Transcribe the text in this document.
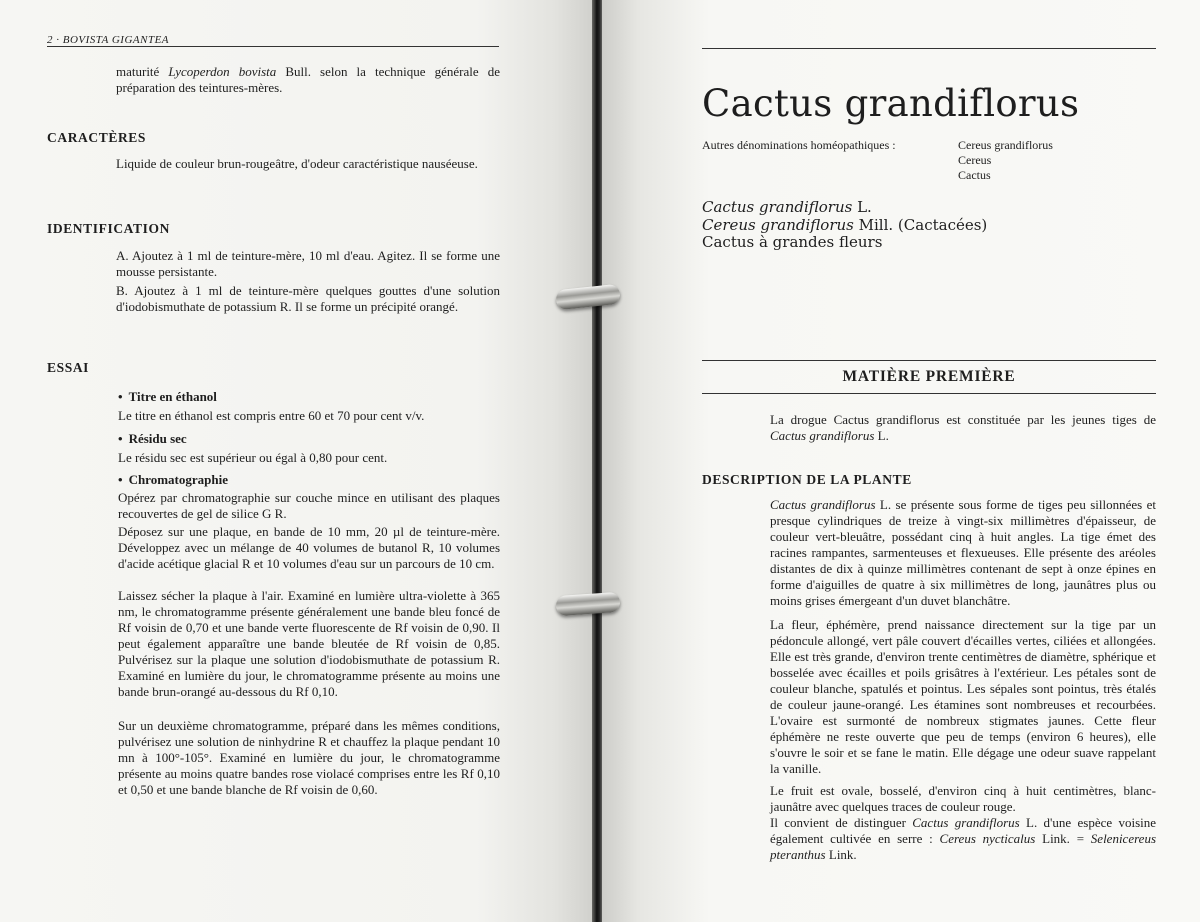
2 · BOVISTA GIGANTEA
maturité Lycoperdon bovista Bull. selon la technique générale de préparation des teintures-mères.
CARACTÈRES
Liquide de couleur brun-rougeâtre, d'odeur caractéristique nauséeuse.
IDENTIFICATION
A. Ajoutez à 1 ml de teinture-mère, 10 ml d'eau. Agitez. Il se forme une mousse persistante.
B. Ajoutez à 1 ml de teinture-mère quelques gouttes d'une solution d'iodobismuthate de potassium R. Il se forme un précipité orangé.
ESSAI
• Titre en éthanol
Le titre en éthanol est compris entre 60 et 70 pour cent v/v.
• Résidu sec
Le résidu sec est supérieur ou égal à 0,80 pour cent.
• Chromatographie
Opérez par chromatographie sur couche mince en utilisant des plaques recouvertes de gel de silice G R.
Déposez sur une plaque, en bande de 10 mm, 20 µl de teinture-mère. Développez avec un mélange de 40 volumes de butanol R, 10 volumes d'acide acétique glacial R et 10 volumes d'eau sur un parcours de 10 cm.
Laissez sécher la plaque à l'air. Examiné en lumière ultra-violette à 365 nm, le chromatogramme présente généralement une bande bleu foncé de Rf voisin de 0,70 et une bande verte fluorescente de Rf voisin de 0,90. Il peut également apparaître une bande bleutée de Rf voisin de 0,85. Pulvérisez sur la plaque une solution d'iodobismuthate de potassium R. Examiné en lumière du jour, le chromatogramme présente au moins une bande brun-orangé au-dessous du Rf 0,10.
Sur un deuxième chromatogramme, préparé dans les mêmes conditions, pulvérisez une solution de ninhydrine R et chauffez la plaque pendant 10 mn à 100°-105°. Examiné en lumière du jour, le chromatogramme présente au moins quatre bandes rose violacé comprises entre les Rf 0,10 et 0,50 et une bande blanche de Rf voisin de 0,60.
Cactus grandiflorus
Autres dénominations homéopathiques :	Cereus grandiflorus
Cereus
Cactus
Cactus grandiflorus L.
Cereus grandiflorus Mill. (Cactacées)
Cactus à grandes fleurs
MATIÈRE PREMIÈRE
La drogue Cactus grandiflorus est constituée par les jeunes tiges de Cactus grandiflorus L.
DESCRIPTION DE LA PLANTE
Cactus grandiflorus L. se présente sous forme de tiges peu sillonnées et presque cylindriques de treize à vingt-six millimètres d'épaisseur, de couleur vert-bleuâtre, possédant cinq à huit angles. La tige émet des racines rampantes, sarmenteuses et flexueuses. Elle présente des aréoles distantes de dix à quinze millimètres contenant de sept à onze épines en forme d'aiguilles de quatre à six millimètres de long, jaunâtres plus ou moins grises émergeant d'un duvet blanchâtre.
La fleur, éphémère, prend naissance directement sur la tige par un pédoncule allongé, vert pâle couvert d'écailles vertes, ciliées et allongées. Elle est très grande, d'environ trente centimètres de diamètre, sphérique et bosselée avec écailles et poils grisâtres à l'extérieur. Les pétales sont de couleur blanche, spatulés et pointus. Les sépales sont pointus, très étalés de couleur jaune-orangé. Les étamines sont nombreuses et recourbées. L'ovaire est surmonté de nombreux stigmates jaunes. Cette fleur éphémère ne reste ouverte que peu de temps (environ 6 heures), elle s'ouvre le soir et se fane le matin. Elle dégage une odeur suave rappelant la vanille.
Le fruit est ovale, bosselé, d'environ cinq à huit centimètres, blanc-jaunâtre avec quelques traces de couleur rouge.
Il convient de distinguer Cactus grandiflorus L. d'une espèce voisine également cultivée en serre : Cereus nycticalus Link. = Selenicereus pteranthus Link.
